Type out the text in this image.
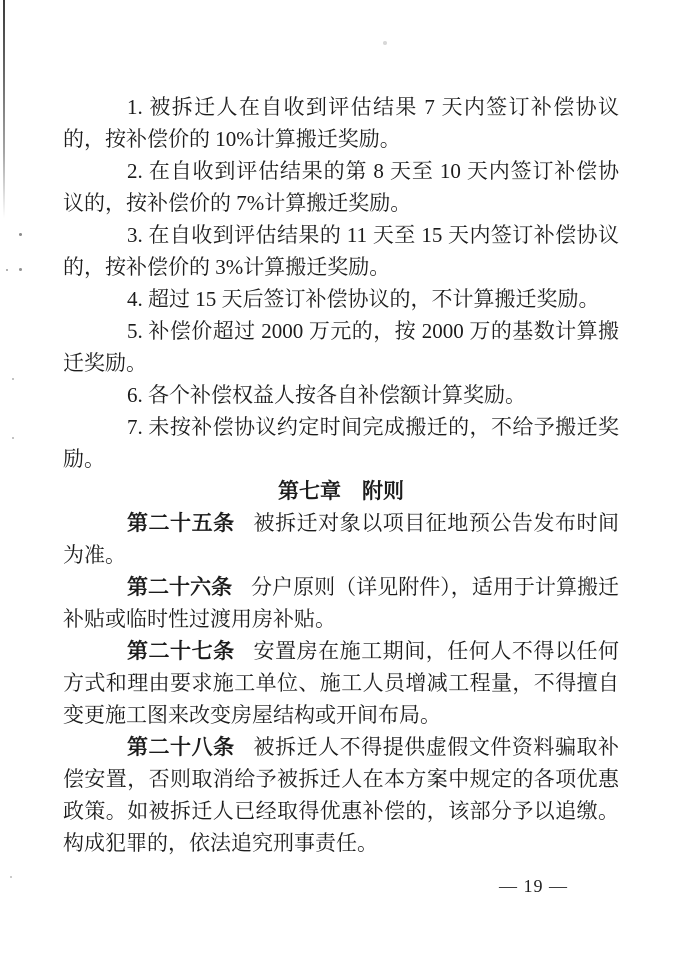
1. 被拆迁人在自收到评估结果 7 天内签订补偿协议的，按补偿价的 10%计算搬迁奖励。

2. 在自收到评估结果的第 8 天至 10 天内签订补偿协议的，按补偿价的 7%计算搬迁奖励。

3. 在自收到评估结果的 11 天至 15 天内签订补偿协议的，按补偿价的 3%计算搬迁奖励。

4. 超过 15 天后签订补偿协议的，不计算搬迁奖励。

5. 补偿价超过 2000 万元的，按 2000 万的基数计算搬迁奖励。

6. 各个补偿权益人按各自补偿额计算奖励。

7. 未按补偿协议约定时间完成搬迁的，不给予搬迁奖励。

第七章　附则

第二十五条 被拆迁对象以项目征地预公告发布时间为准。

第二十六条 分户原则（详见附件），适用于计算搬迁补贴或临时性过渡用房补贴。

第二十七条 安置房在施工期间，任何人不得以任何方式和理由要求施工单位、施工人员增减工程量，不得擅自变更施工图来改变房屋结构或开间布局。

第二十八条 被拆迁人不得提供虚假文件资料骗取补偿安置，否则取消给予被拆迁人在本方案中规定的各项优惠政策。如被拆迁人已经取得优惠补偿的，该部分予以追缴。构成犯罪的，依法追究刑事责任。

— 19 —
